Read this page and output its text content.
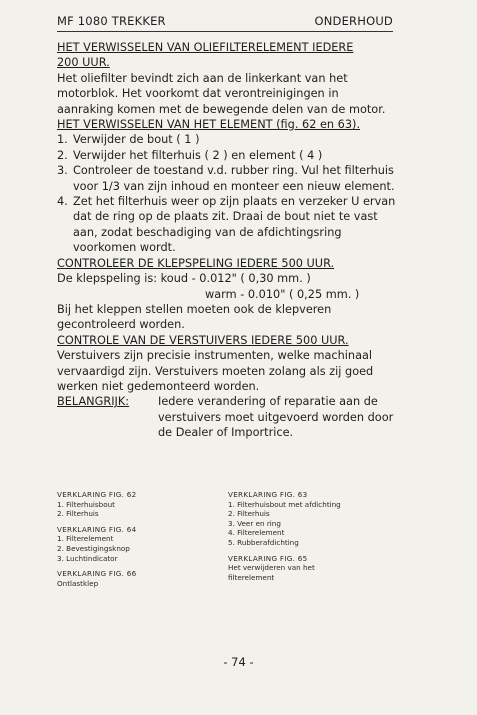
MF 1080 TREKKER	ONDERHOUD

HET VERWISSELEN VAN OLIEFILTERELEMENT IEDERE

200 UUR.

Het oliefilter bevindt zich aan de linkerkant van het motorblok. Het voorkomt dat verontreinigingen in aanraking komen met de bewegende delen van de motor.

HET VERWISSELEN VAN HET ELEMENT (fig. 62 en 63).

1. Verwijder de bout ( 1 )
2. Verwijder het filterhuis ( 2 ) en element ( 4 )
3. Controleer de toestand v.d. rubber ring. Vul het filterhuis voor 1/3 van zijn inhoud en monteer een nieuw element.
4. Zet het filterhuis weer op zijn plaats en verzeker U ervan dat de ring op de plaats zit. Draai de bout niet te vast aan, zodat beschadiging van de afdichtingsring voorkomen wordt.

CONTROLEER DE KLEPSPELING IEDERE 500 UUR.

De klepspeling is: koud - 0.012" ( 0,30 mm. )

warm - 0.010" ( 0,25 mm. )

Bij het kleppen stellen moeten ook de klepveren gecontroleerd worden.

CONTROLE VAN DE VERSTUIVERS IEDERE 500 UUR.

Verstuivers zijn precisie instrumenten, welke machinaal vervaardigd zijn. Verstuivers moeten zolang als zij goed werken niet gedemonteerd worden.

BELANGRIJK:	Iedere verandering of reparatie aan de verstuivers moet uitgevoerd worden door de Dealer of Importrice.

VERKLARING FIG. 62
1. Filterhuisbout
2. Filterhuis
VERKLARING FIG. 64
1. Filterelement
2. Bevestigingsknop
3. Luchtindicator
VERKLARING FIG. 66
Ontlastklep
VERKLARING FIG. 63
1. Filterhuisbout met afdichting
2. Filterhuis
3. Veer en ring
4. Filterelement
5. Rubberafdichting
VERKLARING FIG. 65
Het verwijderen van het filterelement
- 74 -
